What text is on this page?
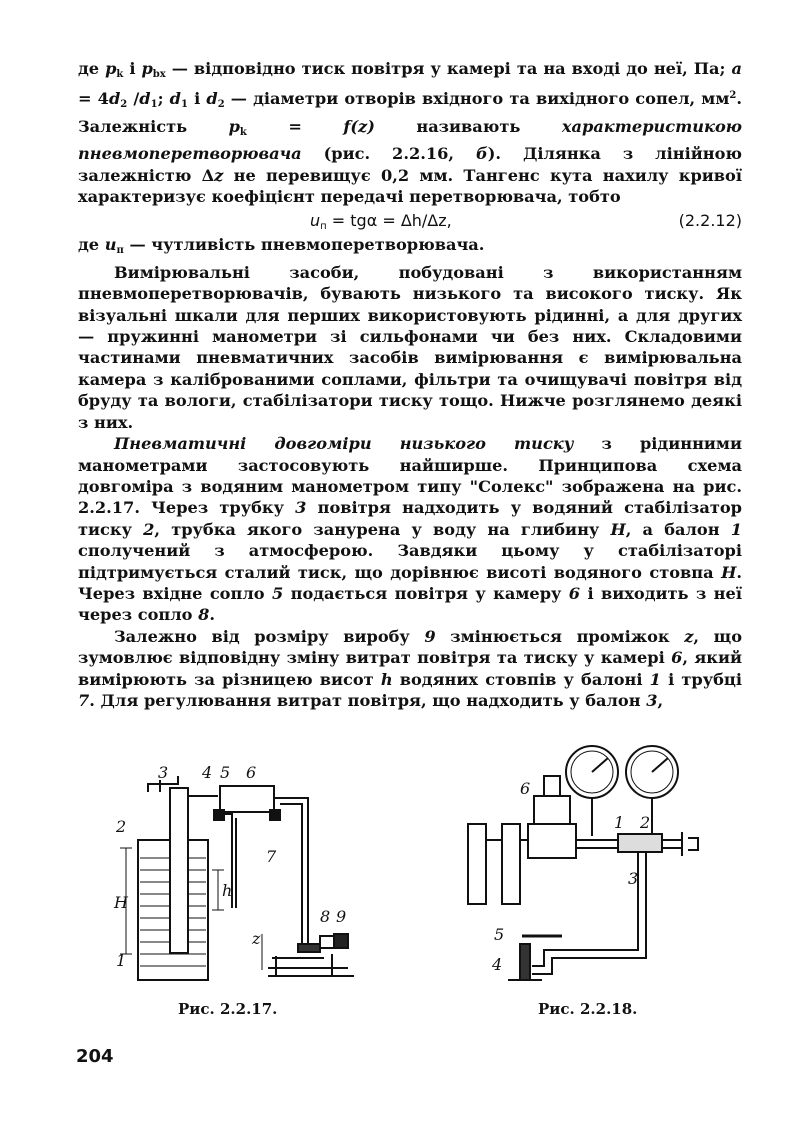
де $p_k$ і $p_{bx}$ — відповідно тиск повітря у камері та на вході до неї, Па; $a = 4d_2$ $/d_1$; $d_1$ і $d_2$ — діаметри отворів вхідного та вихідного сопел, $мм^2$. Залежність $p_k = f(z)$ називають характеристикою пневмоперетворювача (рис. 2.2.16, б). Ділянка з лінійною залежністю Δz не перевищує 0,2 мм. Тангенс кута нахилу кривої характеризує коефіцієнт передачі перетворювача, тобто

$u_п = tg\alpha = \Delta h/\Delta z$,	(2.2.12)

де $u_п$ — чутливість пневмоперетворювача.

Вимірювальні засоби, побудовані з використанням пневмоперетворювачів, бувають низького та високого тиску. Як візуальні шкали для перших використовують рідинні, а для других — пружинні манометри зі сильфонами чи без них. Складовими частинами пневматичних засобів вимірювання є вимірювальна камера з каліброваними соплами, фільтри та очищувачі повітря від бруду та вологи, стабілізатори тиску тощо. Нижче розглянемо деякі з них.

Пневматичні довгоміри низького тиску з рідинними манометрами застосовують найширше. Принципова схема довгоміра з водяним манометром типу "Солекс" зображена на рис. 2.2.17. Через трубку 3 повітря надходить у водяний стабілізатор тиску 2, трубка якого занурена у воду на глибину H, а балон 1 сполучений з атмосферою. Завдяки цьому у стабілізаторі підтримується сталий тиск, що дорівнює висоті водяного стовпа H. Через вхідне сопло 5 подається повітря у камеру 6 і виходить з неї через сопло 8.

Залежно від розміру виробу 9 змінюється проміжок z, що зумовлює відповідну зміну витрат повітря та тиску у камері 6, який вимірюють за різницею висот h водяних стовпів у балоні 1 і трубці 7. Для регулювання витрат повітря, що надходить у балон 3,

3 4 5 6
2
1
7
8 9
H
h
z
Рис. 2.2.17.
6
1 2
3
5
4
Рис. 2.2.18.
204
